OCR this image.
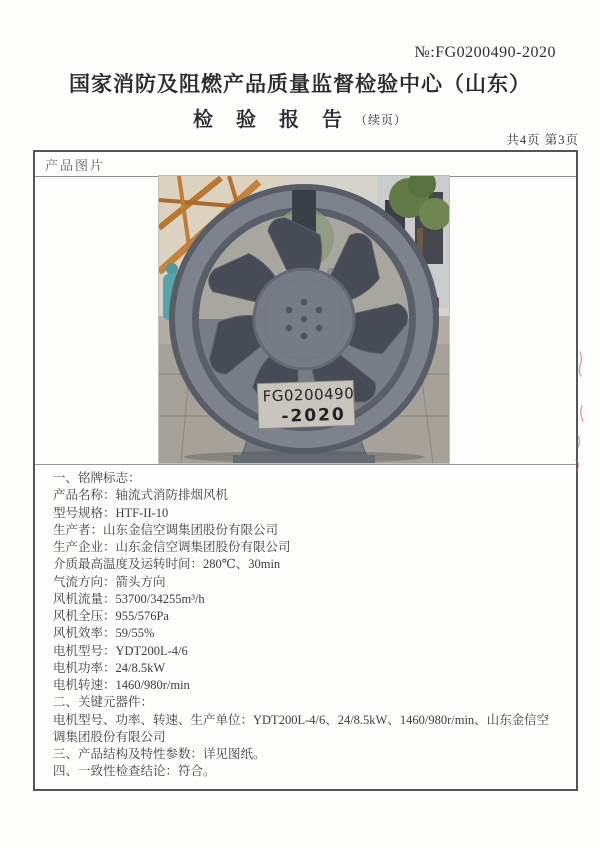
№:FG0200490-2020
国家消防及阻燃产品质量监督检验中心（山东）
检 验 报 告 （续页）
共4页 第3页
产品图片
FG0200490
-2020
一、铭牌标志：
产品名称：轴流式消防排烟风机
型号规格：HTF-II-10
生产者：山东金信空调集团股份有限公司
生产企业：山东金信空调集团股份有限公司
介质最高温度及运转时间：280℃、30min
气流方向：箭头方向
风机流量：53700/34255m³/h
风机全压：955/576Pa
风机效率：59/55%
电机型号：YDT200L-4/6
电机功率：24/8.5kW
电机转速：1460/980r/min
二、关键元器件：
电机型号、功率、转速、生产单位：YDT200L-4/6、24/8.5kW、1460/980r/min、山东金信空调集团股份有限公司
三、产品结构及特性参数：详见图纸。
四、一致性检查结论：符合。
